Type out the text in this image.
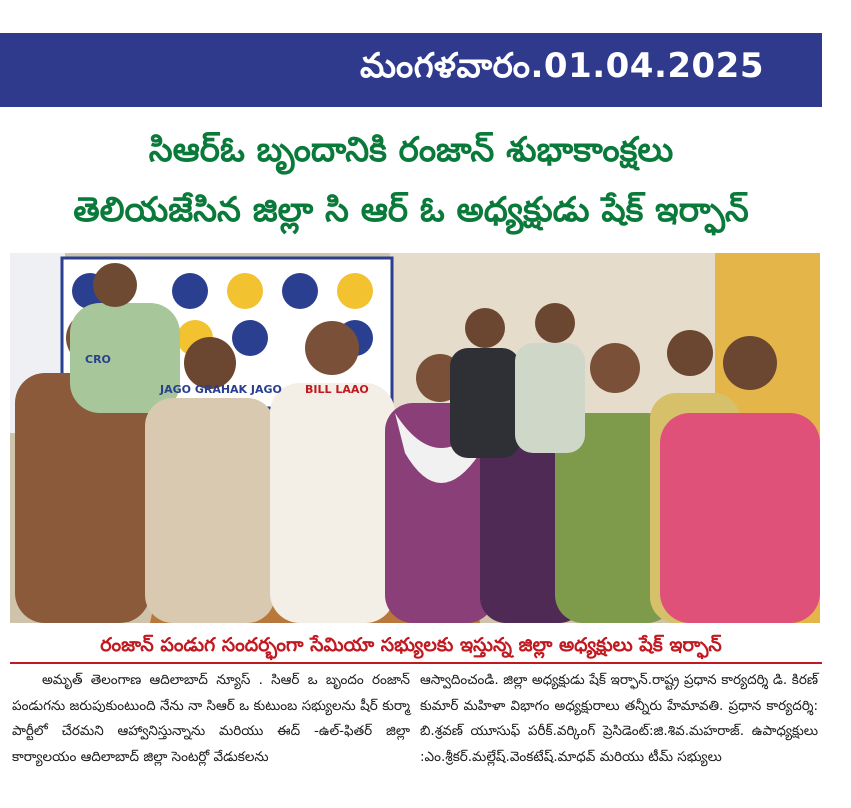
మంగళవారం.01.04.2025
సిఆర్ఓ బృందానికి రంజాన్ శుభాకాంక్షలు
తెలియజేసిన జిల్లా సి ఆర్ ఓ అధ్యక్షుడు షేక్ ఇర్ఫాన్
JAGO GRAHAK JAGO BILL LAAO
CRO
రంజాన్ పండుగ సందర్భంగా సేమియా సభ్యులకు ఇస్తున్న జిల్లా అధ్యక్షులు షేక్ ఇర్ఫాన్

అమృత్ తెలంగాణ ఆదిలాబాద్ న్యూస్ . సిఆర్ ఒ బృందం రంజాన్ పండుగను జరుపుకుంటుంది నేను నా సిఆర్ ఒ కుటుంబ సభ్యులను షీర్ కుర్మా పార్టీలో చేరమని ఆహ్వానిస్తున్నాను మరియు ఈద్ -ఉల్-ఫితర్ జిల్లా కార్యాలయం ఆదిలాబాద్ జిల్లా సెంటర్లో వేడుకలను

ఆస్వాదించండి. జిల్లా అధ్యక్షుడు షేక్ ఇర్ఫాన్.రాష్ట్ర ప్రధాన కార్యదర్శి డి. కిరణ్ కుమార్ మహిళా విభాగం అధ్యక్షురాలు తన్నీరు హేమావతి. ప్రధాన కార్యదర్శి: బి.శ్రవణ్ యూసుఫ్ పరీక్.వర్కింగ్ ప్రెసిడెంట్:జి.శివ.మహరాజ్. ఉపాధ్యక్షులు :ఎం.శ్రీకర్.మల్లేష్.వెంకటేష్.మాధవ్ మరియు టీమ్ సభ్యులు
